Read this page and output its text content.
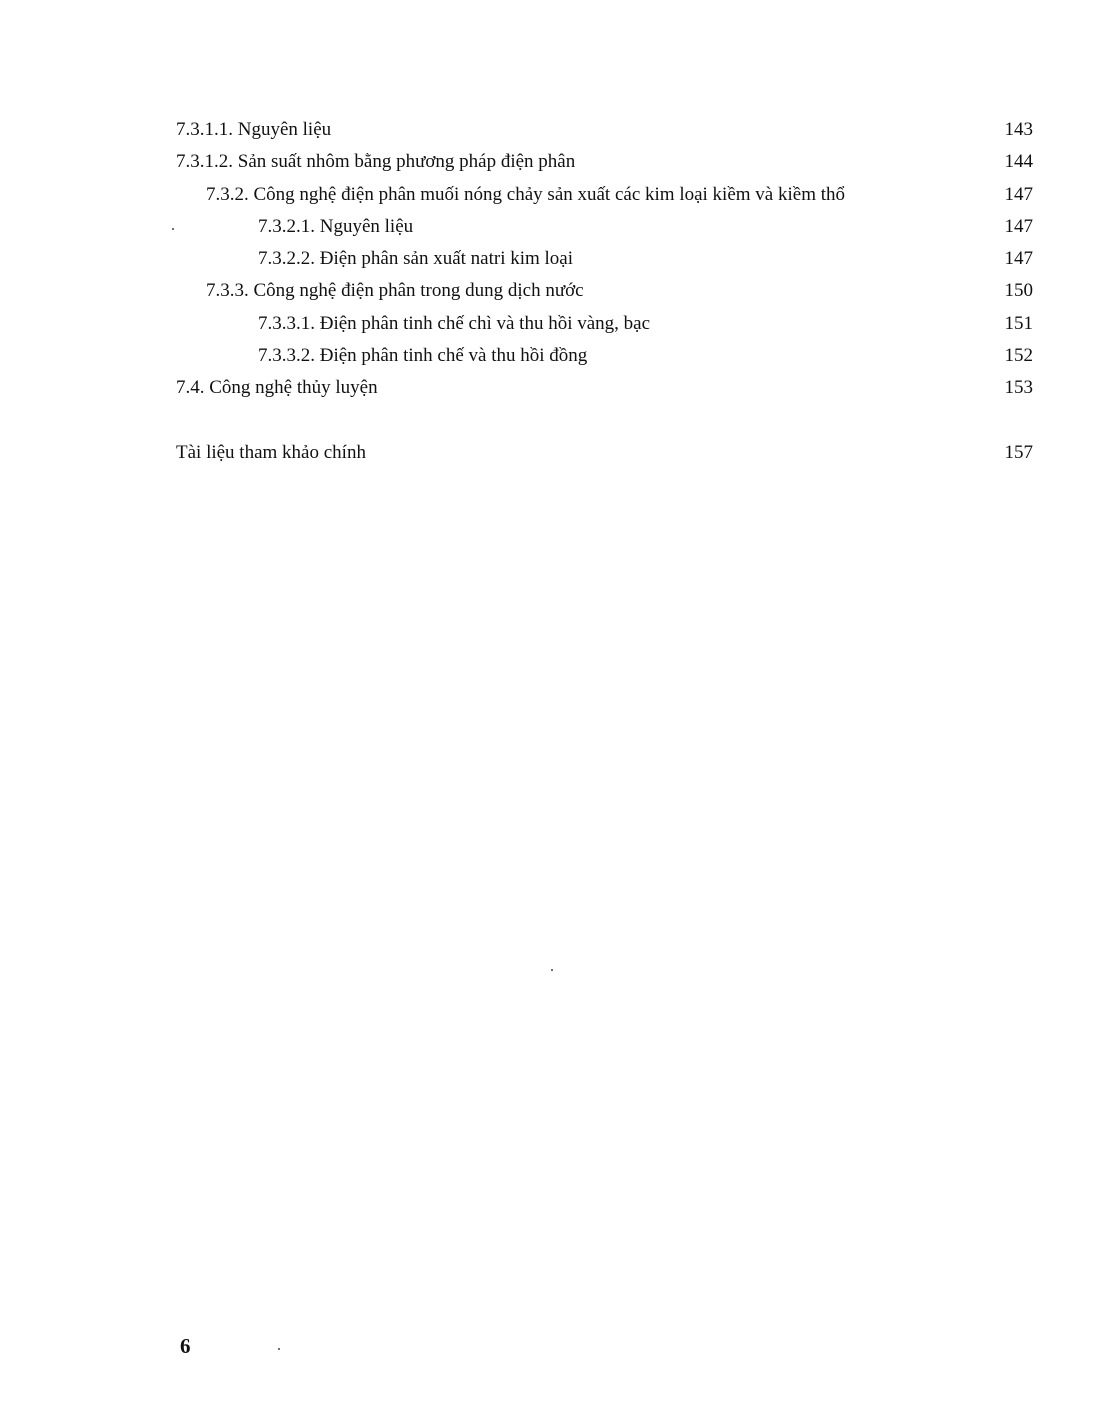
7.3.1.1. Nguyên liệu	143
7.3.1.2. Sản suất nhôm bằng phương pháp điện phân	144
7.3.2. Công nghệ điện phân muối nóng chảy sản xuất các kim loại kiềm và kiềm thổ	147
7.3.2.1. Nguyên liệu	147
7.3.2.2. Điện phân sản xuất natri kim loại	147
7.3.3. Công nghệ điện phân trong dung dịch nước	150
7.3.3.1. Điện phân tinh chế chì và thu hồi vàng, bạc	151
7.3.3.2. Điện phân tinh chế và thu hồi đồng	152
7.4. Công nghệ thủy luyện	153
Tài liệu tham khảo chính	157
6
